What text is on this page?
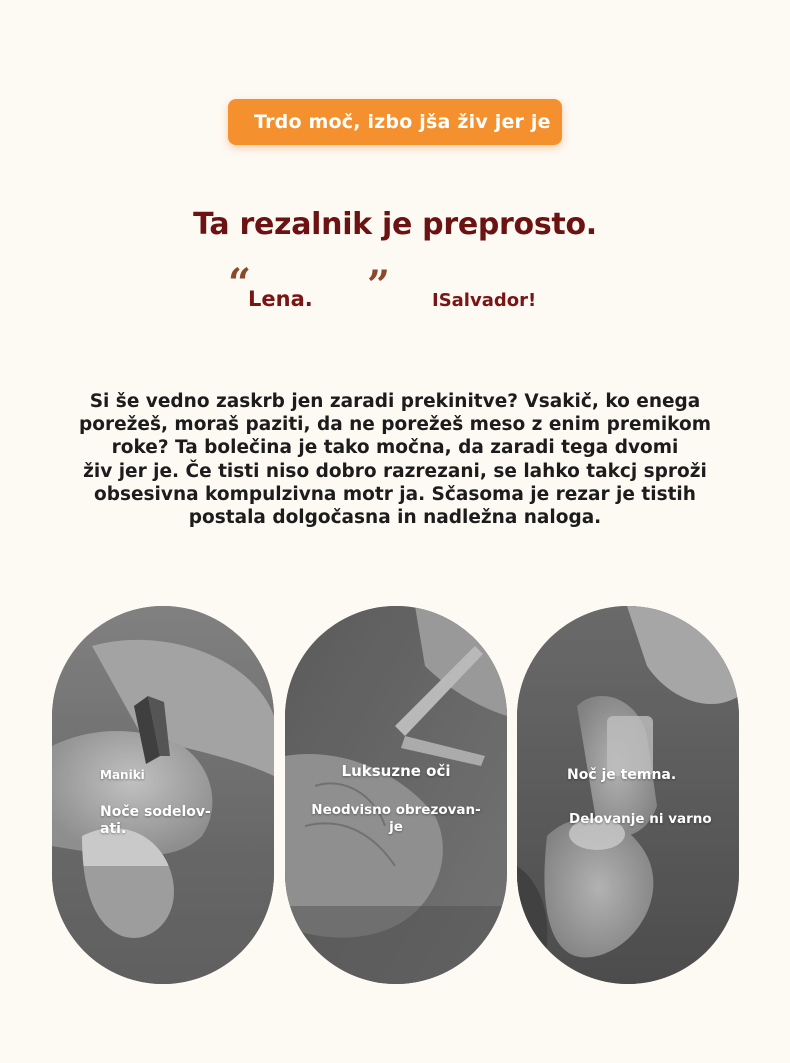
Trdo moč, izbo jša živ jer je
Ta rezalnik je preprosto.
“
Lena. ” ISalvador!
Si še vedno zaskrb jen zaradi prekinitve? Vsakič, ko enega
porežeš, moraš paziti, da ne porežeš meso z enim premikom
roke? Ta bolečina je tako močna, da zaradi tega dvomi
živ jer je. Če tisti niso dobro razrezani, se lahko takcj sproži
obsesivna kompulzivna motr ja. Sčasoma je rezar je tistih
postala dolgočasna in nadležna naloga.
Maniki
Noče sodelov-
ati.
Luksuzne oči
Neodvisno obrezovan-
je
Noč je temna.
Delovanje ni varno
